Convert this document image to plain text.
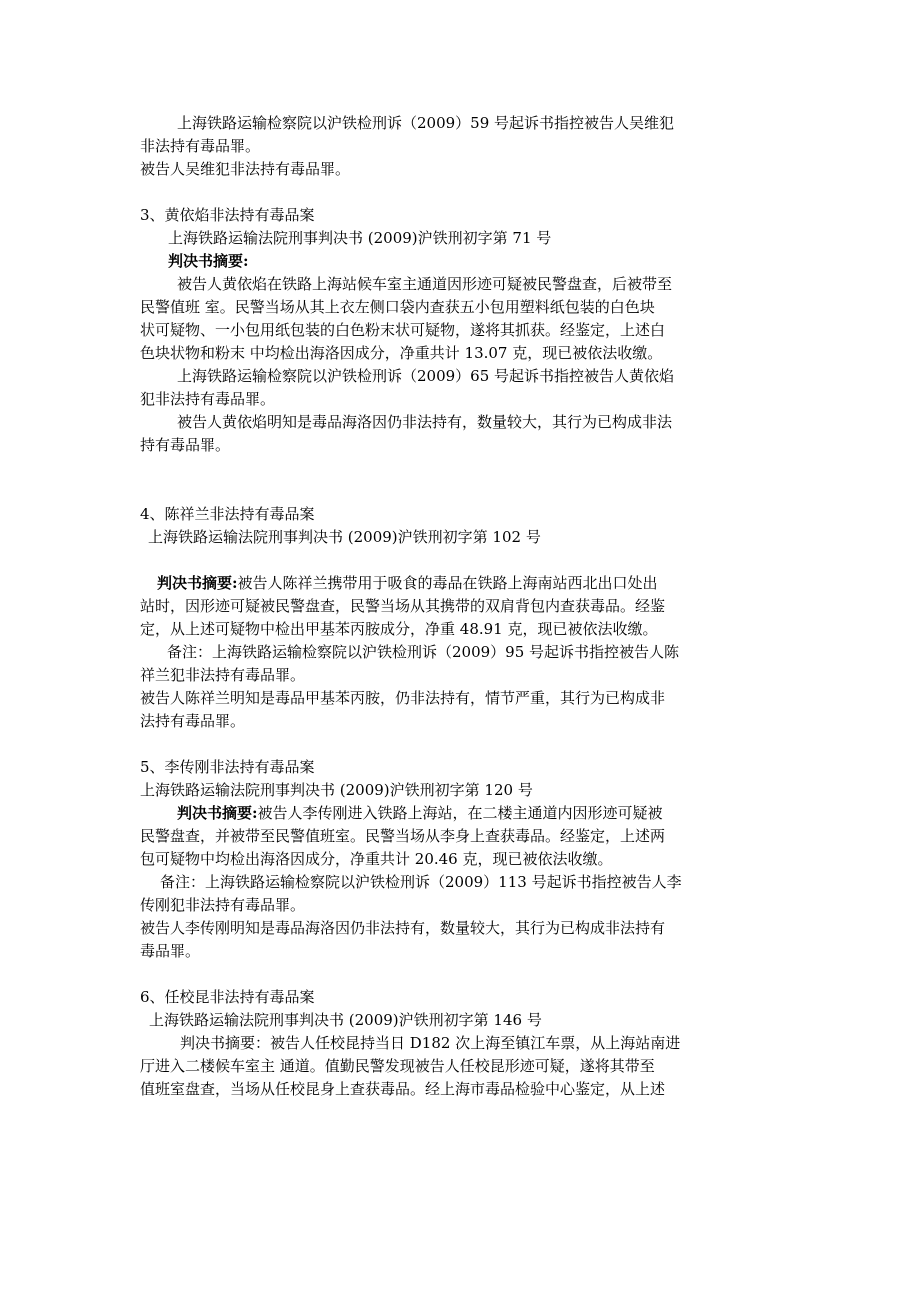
上海铁路运输检察院以沪铁检刑诉（2009）59 号起诉书指控被告人吴维犯
非法持有毒品罪。
被告人吴维犯非法持有毒品罪。
3、黄依焰非法持有毒品案
上海铁路运输法院刑事判决书 (2009)沪铁刑初字第 71 号
判决书摘要:
被告人黄依焰在铁路上海站候车室主通道因形迹可疑被民警盘查，后被带至
民警值班 室。民警当场从其上衣左侧口袋内查获五小包用塑料纸包装的白色块
状可疑物、一小包用纸包装的白色粉末状可疑物，遂将其抓获。经鉴定，上述白
色块状物和粉末 中均检出海洛因成分，净重共计 13.07 克，现已被依法收缴。
上海铁路运输检察院以沪铁检刑诉（2009）65 号起诉书指控被告人黄依焰
犯非法持有毒品罪。
被告人黄依焰明知是毒品海洛因仍非法持有，数量较大，其行为已构成非法
持有毒品罪。
4、陈祥兰非法持有毒品案
上海铁路运输法院刑事判决书 (2009)沪铁刑初字第 102 号
判决书摘要:被告人陈祥兰携带用于吸食的毒品在铁路上海南站西北出口处出
站时，因形迹可疑被民警盘查，民警当场从其携带的双肩背包内查获毒品。经鉴
定，从上述可疑物中检出甲基苯丙胺成分，净重 48.91 克，现已被依法收缴。
备注：上海铁路运输检察院以沪铁检刑诉（2009）95 号起诉书指控被告人陈
祥兰犯非法持有毒品罪。
被告人陈祥兰明知是毒品甲基苯丙胺，仍非法持有，情节严重，其行为已构成非
法持有毒品罪。
5、李传刚非法持有毒品案
上海铁路运输法院刑事判决书 (2009)沪铁刑初字第 120 号
判决书摘要:被告人李传刚进入铁路上海站，在二楼主通道内因形迹可疑被
民警盘查，并被带至民警值班室。民警当场从李身上查获毒品。经鉴定，上述两
包可疑物中均检出海洛因成分，净重共计 20.46 克，现已被依法收缴。
备注：上海铁路运输检察院以沪铁检刑诉（2009）113 号起诉书指控被告人李
传刚犯非法持有毒品罪。
被告人李传刚明知是毒品海洛因仍非法持有，数量较大，其行为已构成非法持有
毒品罪。
6、任校昆非法持有毒品案
上海铁路运输法院刑事判决书 (2009)沪铁刑初字第 146 号
判决书摘要：被告人任校昆持当日 D182 次上海至镇江车票，从上海站南进
厅进入二楼候车室主 通道。值勤民警发现被告人任校昆形迹可疑，遂将其带至
值班室盘查，当场从任校昆身上查获毒品。经上海市毒品检验中心鉴定，从上述
